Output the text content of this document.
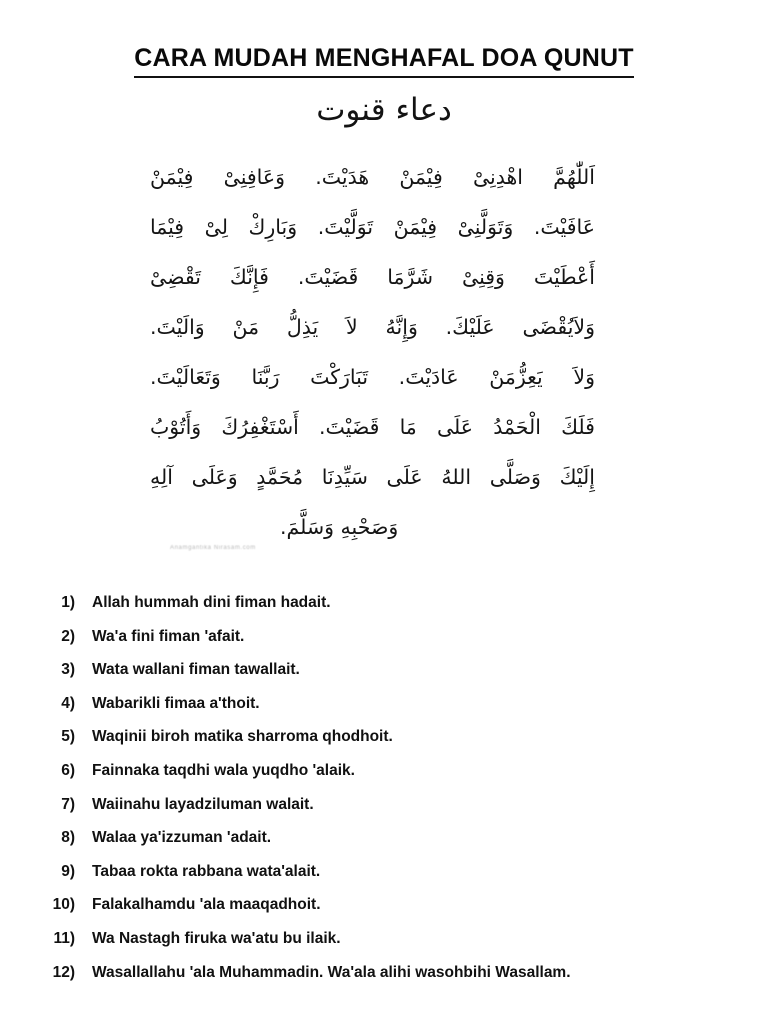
CARA MUDAH MENGHAFAL DOA QUNUT
دعاء قنوت
اَللّٰهُمَّ اهْدِنِىْ فِيْمَنْ هَدَيْتَ. وَعَافِنِىْ فِيْمَنْ
عَافَيْتَ. وَتَوَلَّنِىْ فِيْمَنْ تَوَلَّيْتَ. وَبَارِكْ لِىْ فِيْمَا
أَعْطَيْتَ وَقِنِىْ شَرَّمَا قَضَيْتَ. فَإِنَّكَ تَقْضِىْ
وَلاَيُقْضَى عَلَيْكَ. وَإِنَّهُ لاَ يَذِلُّ مَنْ وَالَيْتَ.
وَلاَ يَعِزُّمَنْ عَادَيْتَ. تَبَارَكْتَ رَبَّنَا وَتَعَالَيْتَ.
فَلَكَ الْحَمْدُ عَلَى مَا قَضَيْتَ. أَسْتَغْفِرُكَ وَأَتُوْبُ
إِلَيْكَ وَصَلَّى اللهُ عَلَى سَيِّدِنَا مُحَمَّدٍ وَعَلَى آلِهِ
وَصَحْبِهِ وَسَلَّمَ.
Anamgantika Nirasam.com
1) Allah hummah dini fiman hadait.
2) Wa'a fini fiman 'afait.
3) Wata wallani fiman tawallait.
4) Wabarikli fimaa a'thoit.
5) Waqinii biroh matika sharroma qhodhoit.
6) Fainnaka taqdhi wala yuqdho 'alaik.
7) Waiinahu layadziluman walait.
8) Walaa ya'izzuman 'adait.
9) Tabaa rokta rabbana wata'alait.
10) Falakalhamdu 'ala maaqadhoit.
11) Wa Nastagh firuka wa'atu bu ilaik.
12) Wasallallahu 'ala Muhammadin. Wa'ala alihi wasohbihi Wasallam.
